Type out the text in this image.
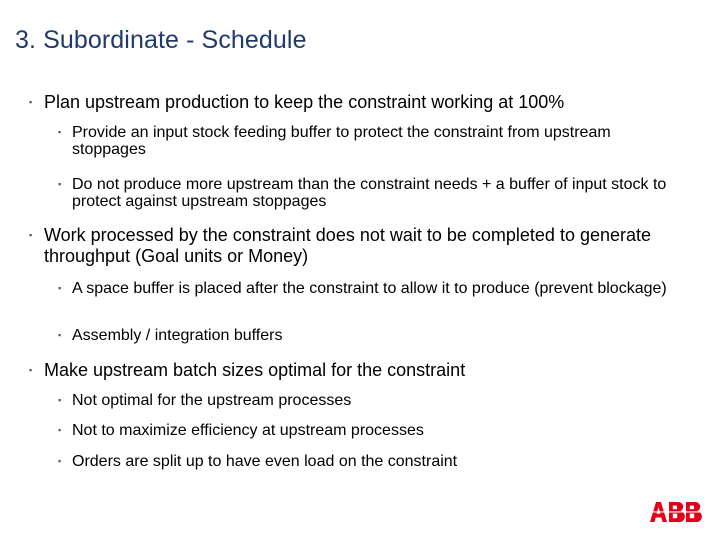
3. Subordinate - Schedule
▪ Plan upstream production to keep the constraint working at 100%
▪ Provide an input stock feeding buffer to protect the constraint from upstream stoppages
▪ Do not produce more upstream than the constraint needs + a buffer of input stock to protect against upstream stoppages
▪ Work processed by the constraint does not wait to be completed to generate throughput (Goal units or Money)
▪ A space buffer is placed after the constraint to allow it to produce (prevent blockage)
▪ Assembly / integration buffers
▪ Make upstream batch sizes optimal for the constraint
▪ Not optimal for the upstream processes
▪ Not to maximize efficiency at upstream processes
▪ Orders are split up to have even load on the constraint
